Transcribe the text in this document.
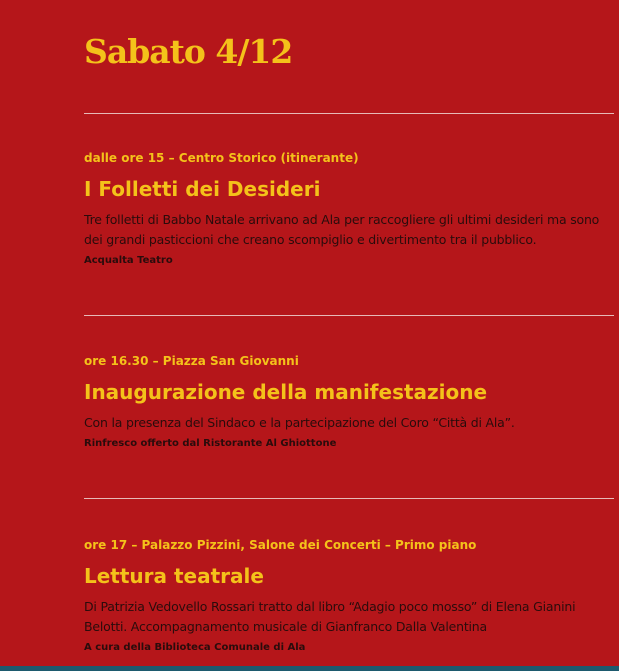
Sabato 4/12

dalle ore 15 – Centro Storico (itinerante)

I Folletti dei Desideri

Tre folletti di Babbo Natale arrivano ad Ala per raccogliere gli ultimi desideri ma sono dei grandi pasticcioni che creano scompiglio e divertimento tra il pubblico.

Acqualta Teatro

ore 16.30 – Piazza San Giovanni

Inaugurazione della manifestazione

Con la presenza del Sindaco e la partecipazione del Coro “Città di Ala”.

Rinfresco offerto dal Ristorante Al Ghiottone

ore 17 – Palazzo Pizzini, Salone dei Concerti – Primo piano

Lettura teatrale

Di Patrizia Vedovello Rossari tratto dal libro “Adagio poco mosso” di Elena Gianini Belotti. Accompagnamento musicale di Gianfranco Dalla Valentina

A cura della Biblioteca Comunale di Ala
